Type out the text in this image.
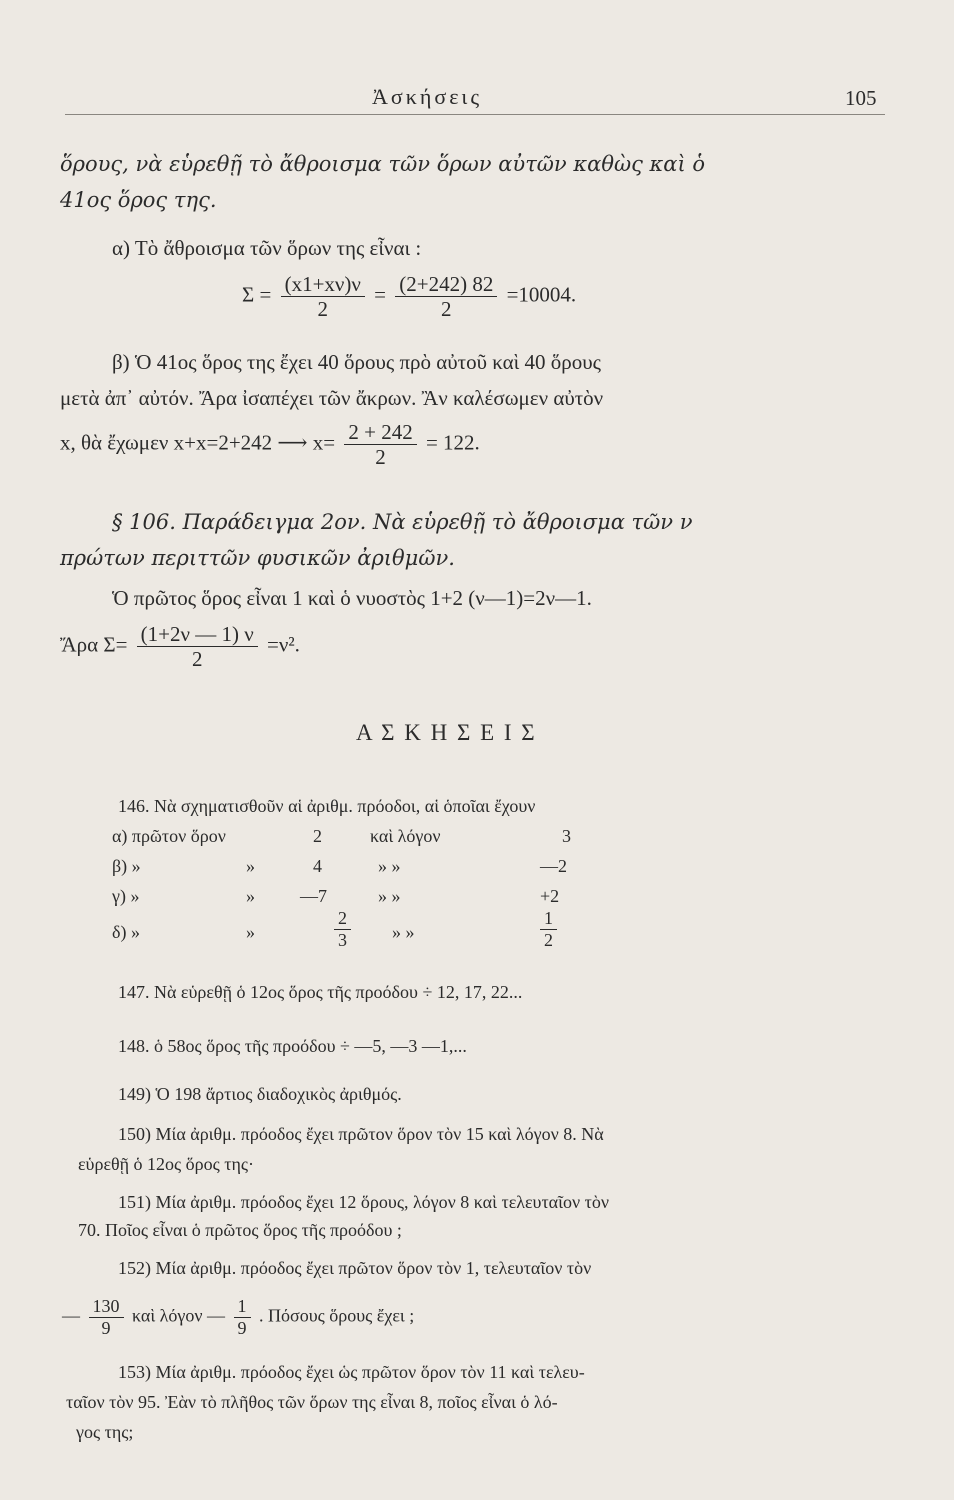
Ἀσκήσεις	105
ὅρους, νὰ εὑρεθῇ τὸ ἄθροισμα τῶν ὅρων αὐτῶν καθὼς καὶ ὁ
41ος ὅρος της.
α) Τὸ ἄθροισμα τῶν ὅρων της εἶναι :
$\Sigma = \frac{(x1+x\nu)\nu}{2} = \frac{(2+242) 82}{2} =10004$.
β) Ὁ 41ος ὅρος της ἔχει 40 ὅρους πρὸ αὐτοῦ καὶ 40 ὅρους
μετὰ ἀπ᾽ αὐτόν. Ἄρα ἰσαπέχει τῶν ἄκρων. Ἂν καλέσωμεν αὐτὸν
x, θὰ ἔχωμεν x+x=2+242 ⟶ $x= \frac{2 + 242}{2} = 122$.
§ 106. Παράδειγμα 2ον. Νὰ εὑρεθῇ τὸ ἄθροισμα τῶν ν
πρώτων περιττῶν φυσικῶν ἀριθμῶν.
Ὁ πρῶτος ὅρος εἶναι 1 καὶ ὁ νυοστὸς 1+2 (ν—1)=2ν—1.
Ἄρα $\Sigma= \frac{(1+2\nu — 1) \nu}{2} =\nu^2$.
Α Σ Κ Η Σ Ε Ι Σ
146. Νὰ σχηματισθοῦν αἱ ἀριθμ. πρόοδοι, αἱ ὁποῖαι ἔχουν
α) πρῶτον ὅρον	2	καὶ λόγον	3
β) »	»	4	» »	—2
γ) »	»	—7	» »	+2
δ) »	»	$\frac{2}{3}$ » »	$\frac{1}{2}$
147. Νὰ εὑρεθῇ ὁ 12ος ὅρος τῆς προόδου ÷ 12, 17, 22...
148. ὁ 58ος ὅρος τῆς προόδου ÷ —5, —3 —1,...
149) Ὁ 198 ἄρτιος διαδοχικὸς ἀριθμός.
150) Μία ἀριθμ. πρόοδος ἔχει πρῶτον ὅρον τὸν 15 καὶ λόγον 8. Νὰ
εὑρεθῇ ὁ 12ος ὅρος της·
151) Μία ἀριθμ. πρόοδος ἔχει 12 ὅρους, λόγον 8 καὶ τελευταῖον τὸν
70. Ποῖος εἶναι ὁ πρῶτος ὅρος τῆς προόδου ;
152) Μία ἀριθμ. πρόοδος ἔχει πρῶτον ὅρον τὸν 1, τελευταῖον τὸν
— $\frac{130}{9}$ καὶ λόγον — $\frac{1}{9}$ . Πόσους ὅρους ἔχει ;
153) Μία ἀριθμ. πρόοδος ἔχει ὡς πρῶτον ὅρον τὸν 11 καὶ τελευ-
ταῖον τὸν 95. Ἐὰν τὸ πλῆθος τῶν ὅρων της εἶναι 8, ποῖος εἶναι ὁ λό-
γος της;
